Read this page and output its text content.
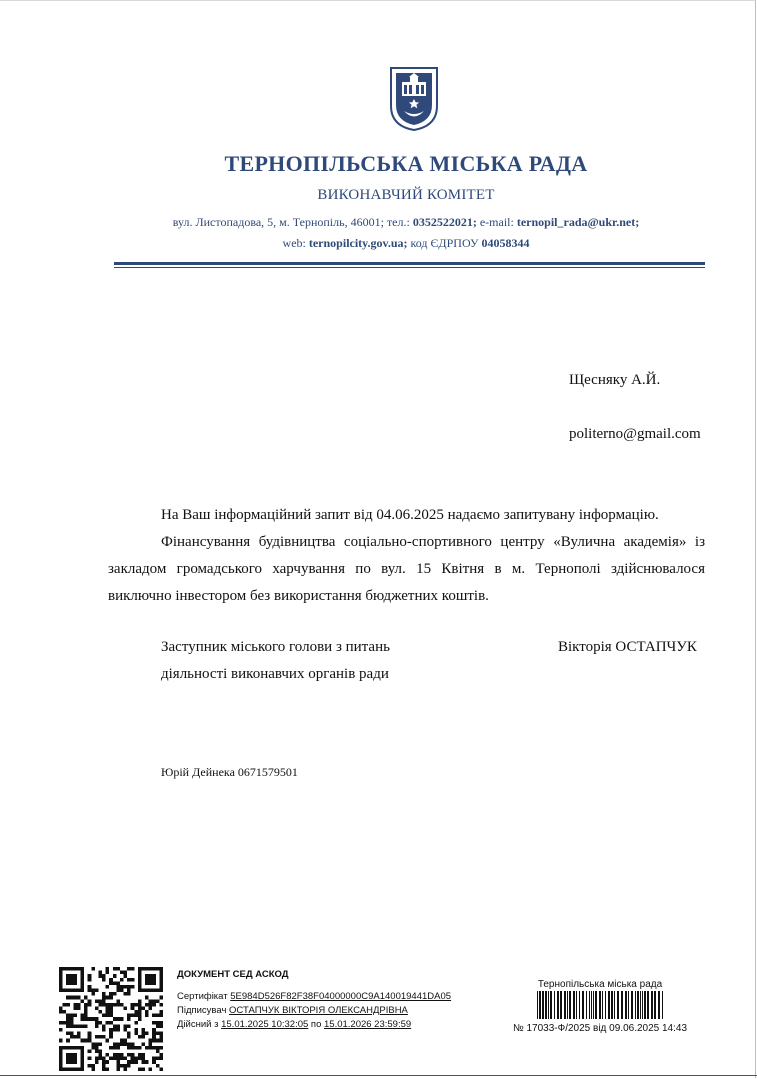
ТЕРНОПІЛЬСЬКА МІСЬКА РАДА
ВИКОНАВЧИЙ КОМІТЕТ
вул. Листопадова, 5, м. Тернопіль, 46001; тел.: 0352522021; e-mail: ternopil_rada@ukr.net;
web: ternopilcity.gov.ua; код ЄДРПОУ 04058344
Щесняку А.Й.
politerno@gmail.com
На Ваш інформаційний запит від 04.06.2025 надаємо запитувану інформацію.
Фінансування будівництва соціально-спортивного центру «Вулична академія» із закладом громадського харчування по вул. 15 Квітня в м. Тернополі здійснювалося виключно інвестором без використання бюджетних коштів.
Заступник міського голови з питань
діяльності виконавчих органів ради
Вікторія ОСТАПЧУК
Юрій Дейнека 0671579501
ДОКУМЕНТ СЕД АСКОД
Сертифікат 5E984D526F82F38F04000000C9A140019441DA05
Підписувач ОСТАПЧУК ВІКТОРІЯ ОЛЕКСАНДРІВНА
Дійсний з 15.01.2025 10:32:05 по 15.01.2026 23:59:59
Тернопільська міська рада
№ 17033-Ф/2025 від 09.06.2025 14:43
